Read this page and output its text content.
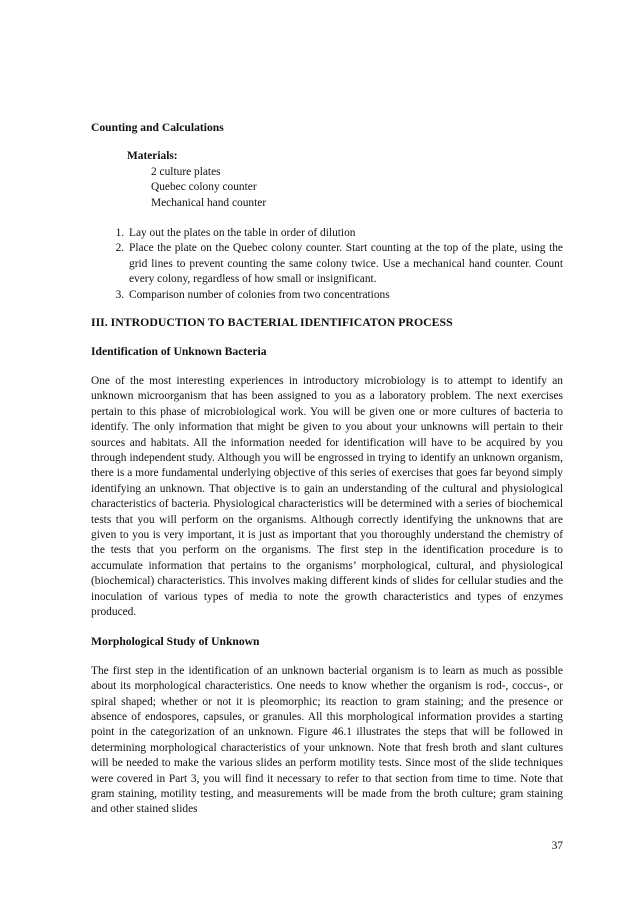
Counting and Calculations
Materials:
2 culture plates
Quebec colony counter
Mechanical hand counter
1. Lay out the plates on the table in order of dilution
2. Place the plate on the Quebec colony counter. Start counting at the top of the plate, using the grid lines to prevent counting the same colony twice. Use a mechanical hand counter. Count every colony, regardless of how small or insignificant.
3. Comparison number of colonies from two concentrations
III. INTRODUCTION TO BACTERIAL IDENTIFICATON PROCESS
Identification of Unknown Bacteria

One of the most interesting experiences in introductory microbiology is to attempt to identify an unknown microorganism that has been assigned to you as a laboratory problem. The next exercises pertain to this phase of microbiological work. You will be given one or more cultures of bacteria to identify. The only information that might be given to you about your unknowns will pertain to their sources and habitats. All the information needed for identification will have to be acquired by you through independent study. Although you will be engrossed in trying to identify an unknown organism, there is a more fundamental underlying objective of this series of exercises that goes far beyond simply identifying an unknown. That objective is to gain an understanding of the cultural and physiological characteristics of bacteria. Physiological characteristics will be determined with a series of biochemical tests that you will perform on the organisms. Although correctly identifying the unknowns that are given to you is very important, it is just as important that you thoroughly understand the chemistry of the tests that you perform on the organisms. The first step in the identification procedure is to accumulate information that pertains to the organisms’ morphological, cultural, and physiological (biochemical) characteristics. This involves making different kinds of slides for cellular studies and the inoculation of various types of media to note the growth characteristics and types of enzymes produced.

Morphological Study of Unknown

The first step in the identification of an unknown bacterial organism is to learn as much as possible about its morphological characteristics. One needs to know whether the organism is rod-, coccus-, or spiral shaped; whether or not it is pleomorphic; its reaction to gram staining; and the presence or absence of endospores, capsules, or granules. All this morphological information provides a starting point in the categorization of an unknown. Figure 46.1 illustrates the steps that will be followed in determining morphological characteristics of your unknown. Note that fresh broth and slant cultures will be needed to make the various slides an perform motility tests. Since most of the slide techniques were covered in Part 3, you will find it necessary to refer to that section from time to time. Note that gram staining, motility testing, and measurements will be made from the broth culture; gram staining and other stained slides

37
